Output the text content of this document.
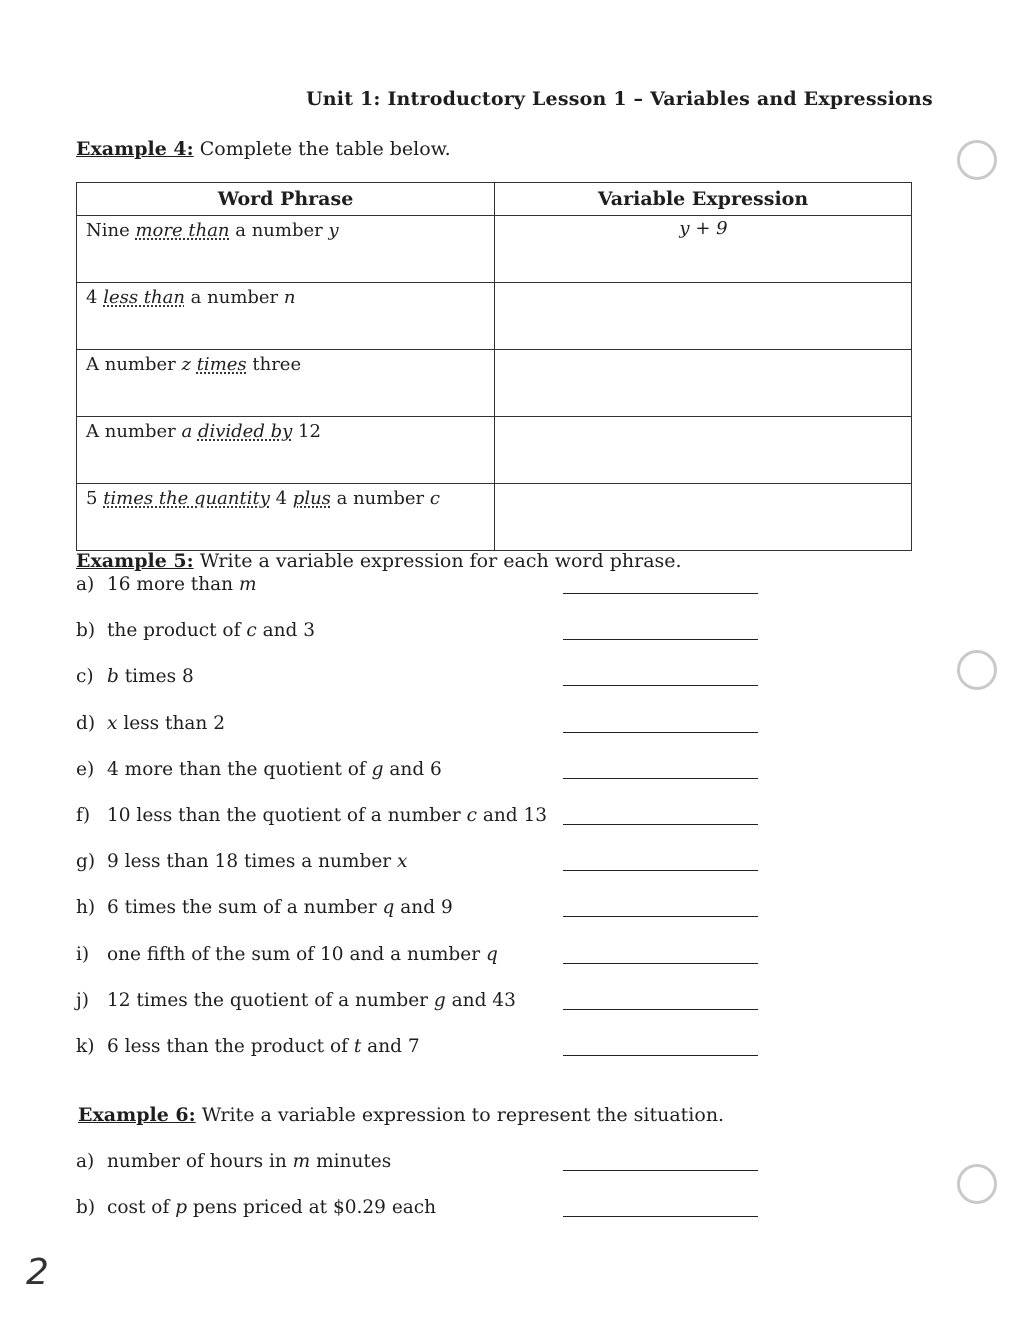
Unit 1: Introductory Lesson 1 – Variables and Expressions
Example 4: Complete the table below.
Word Phrase	Variable Expression
Nine more than a number y	y + 9
4 less than a number n	
A number z times three	
A number a divided by 12	
5 times the quantity 4 plus a number c	
Example 5: Write a variable expression for each word phrase.
a) 16 more than m
b) the product of c and 3
c) b times 8
d) x less than 2
e) 4 more than the quotient of g and 6
f) 10 less than the quotient of a number c and 13
g) 9 less than 18 times a number x
h) 6 times the sum of a number q and 9
i) one fifth of the sum of 10 and a number q
j) 12 times the quotient of a number g and 43
k) 6 less than the product of t and 7
Example 6: Write a variable expression to represent the situation.
a) number of hours in m minutes
b) cost of p pens priced at $0.29 each
2
